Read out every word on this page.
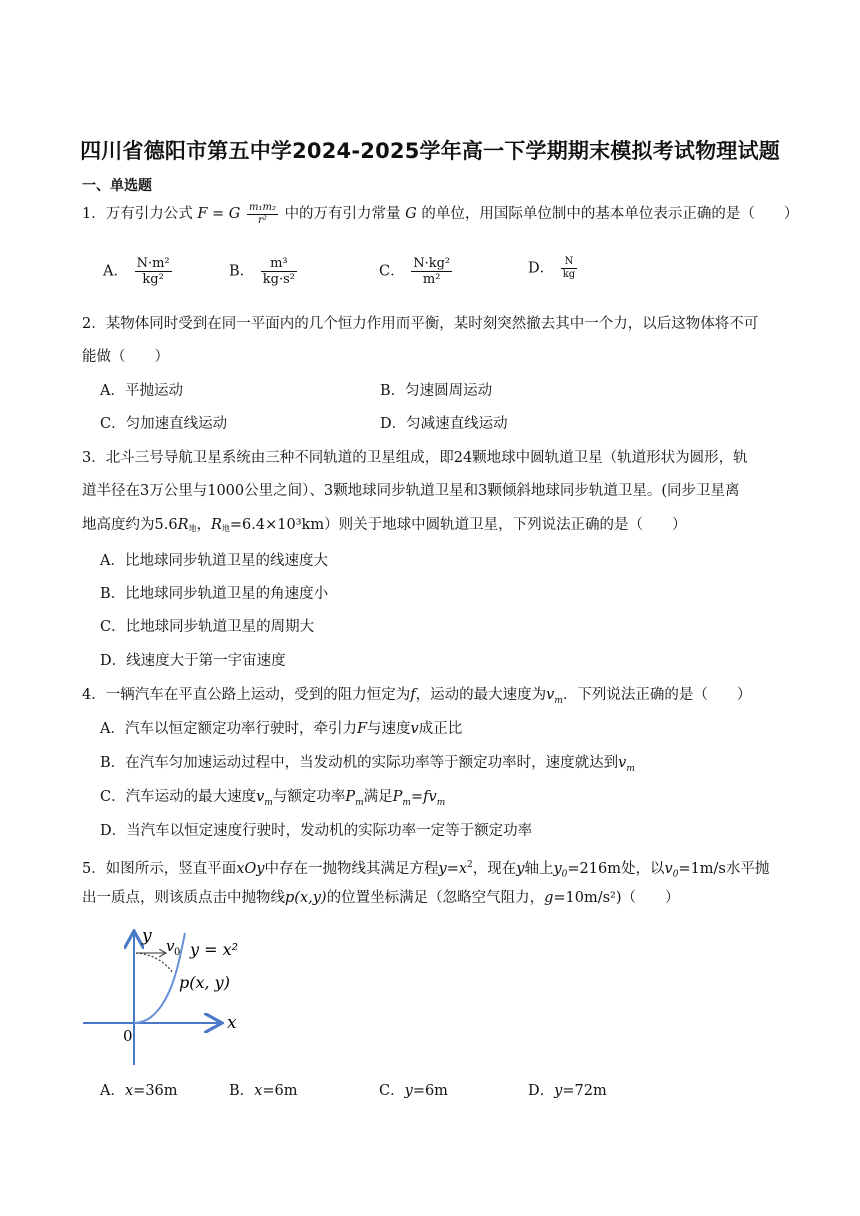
四川省德阳市第五中学2024-2025学年高一下学期期末模拟考试物理试题
一、单选题
1．万有引力公式 F = G $\frac{\text{m₁m₂}}{\text{r²}}$ 中的万有引力常量 G 的单位，用国际单位制中的基本单位表示正确的是（　　）
A． $\frac{\text{N·m²}}{\text{kg²}}$	B． $\frac{\text{m³}}{\text{kg·s²}}$	C． $\frac{\text{N·kg²}}{\text{m²}}$	D． $\frac{N}{kg}$
2．某物体同时受到在同一平面内的几个恒力作用而平衡，某时刻突然撤去其中一个力，以后这物体将不可
能做（　　）
A．平抛运动	B．匀速圆周运动
C．匀加速直线运动	D．匀减速直线运动
3．北斗三号导航卫星系统由三种不同轨道的卫星组成，即24颗地球中圆轨道卫星（轨道形状为圆形，轨
道半径在3万公里与1000公里之间）、3颗地球同步轨道卫星和3颗倾斜地球同步轨道卫星。(同步卫星离
地高度约为5.6R地，R地=6.4×10³km）则关于地球中圆轨道卫星，下列说法正确的是（　　）
A．比地球同步轨道卫星的线速度大
B．比地球同步轨道卫星的角速度小
C．比地球同步轨道卫星的周期大
D．线速度大于第一宇宙速度
4．一辆汽车在平直公路上运动，受到的阻力恒定为f，运动的最大速度为$v_m$．下列说法正确的是（　　）
A．汽车以恒定额定功率行驶时，牵引力F与速度v成正比
B．在汽车匀加速运动过程中，当发动机的实际功率等于额定功率时，速度就达到$v_m$
C．汽车运动的最大速度$v_m$与额定功率$P_m$满足$P_m=fv_m$
D．当汽车以恒定速度行驶时，发动机的实际功率一定等于额定功率
5．如图所示，竖直平面xOy中存在一抛物线其满足方程$y=x^2$，现在y轴上$y_0=216m$处，以$v_0=1m/s$水平抛
出一质点，则该质点击中抛物线p(x,y)的位置坐标满足（忽略空气阻力，g=10m/s²)（　　）
y
x
0
v 0 y = x²
p(x, y)
A．x=36m	B．x=6m	C．y=6m	D．y=72m
